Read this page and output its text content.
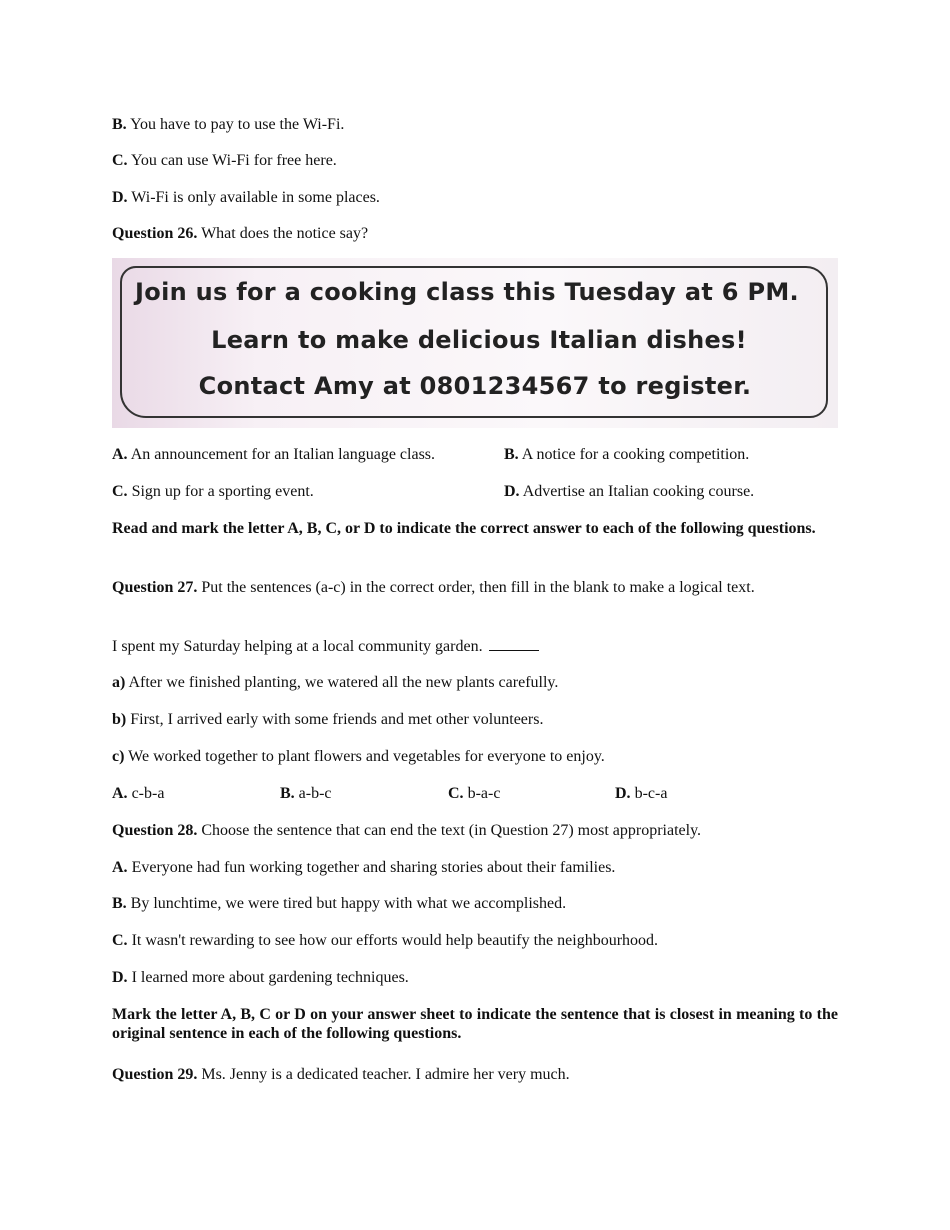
B. You have to pay to use the Wi-Fi.
C. You can use Wi-Fi for free here.
D. Wi-Fi is only available in some places.
Question 26. What does the notice say?
Join us for a cooking class this Tuesday at 6 PM.
Learn to make delicious Italian dishes!
Contact Amy at 0801234567 to register.
A. An announcement for an Italian language class.	B. A notice for a cooking competition.
C. Sign up for a sporting event.	D. Advertise an Italian cooking course.
Read and mark the letter A, B, C, or D to indicate the correct answer to each of the following questions.
Question 27. Put the sentences (a-c) in the correct order, then fill in the blank to make a logical text.
I spent my Saturday helping at a local community garden.
a) After we finished planting, we watered all the new plants carefully.
b) First, I arrived early with some friends and met other volunteers.
c) We worked together to plant flowers and vegetables for everyone to enjoy.
A. c-b-a	B. a-b-c	C. b-a-c	D. b-c-a
Question 28. Choose the sentence that can end the text (in Question 27) most appropriately.
A. Everyone had fun working together and sharing stories about their families.
B. By lunchtime, we were tired but happy with what we accomplished.
C. It wasn't rewarding to see how our efforts would help beautify the neighbourhood.
D. I learned more about gardening techniques.
Mark the letter A, B, C or D on your answer sheet to indicate the sentence that is closest in meaning to the original sentence in each of the following questions.
Question 29. Ms. Jenny is a dedicated teacher. I admire her very much.
